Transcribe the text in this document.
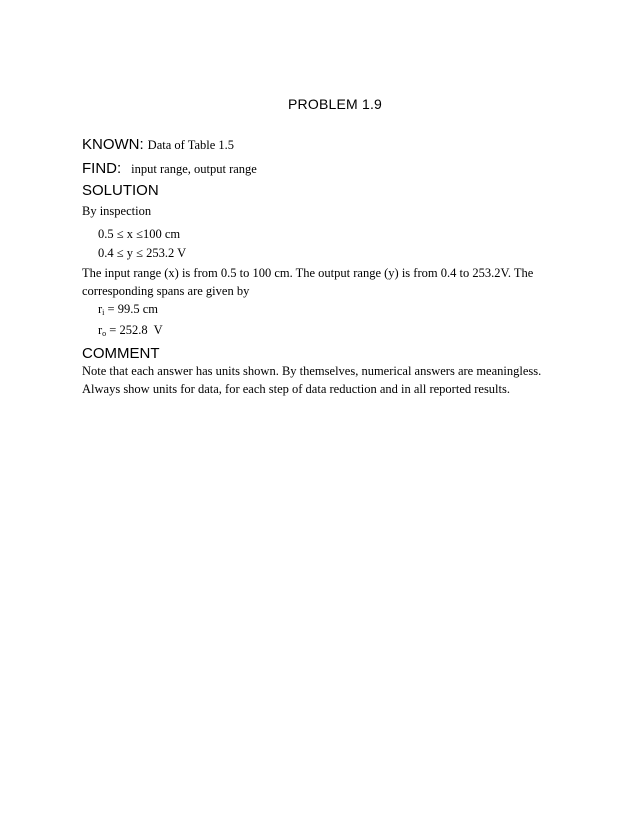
PROBLEM 1.9
KNOWN: Data of Table 1.5
FIND: input range, output range
SOLUTION
By inspection
0.5 ≤ x ≤100 cm
0.4 ≤ y ≤ 253.2 V
The input range (x) is from 0.5 to 100 cm. The output range (y) is from 0.4 to 253.2V. The
corresponding spans are given by
$r_i = 99.5$ cm
$r_o = 252.8$  V
COMMENT
Note that each answer has units shown. By themselves, numerical answers are meaningless.
Always show units for data, for each step of data reduction and in all reported results.
